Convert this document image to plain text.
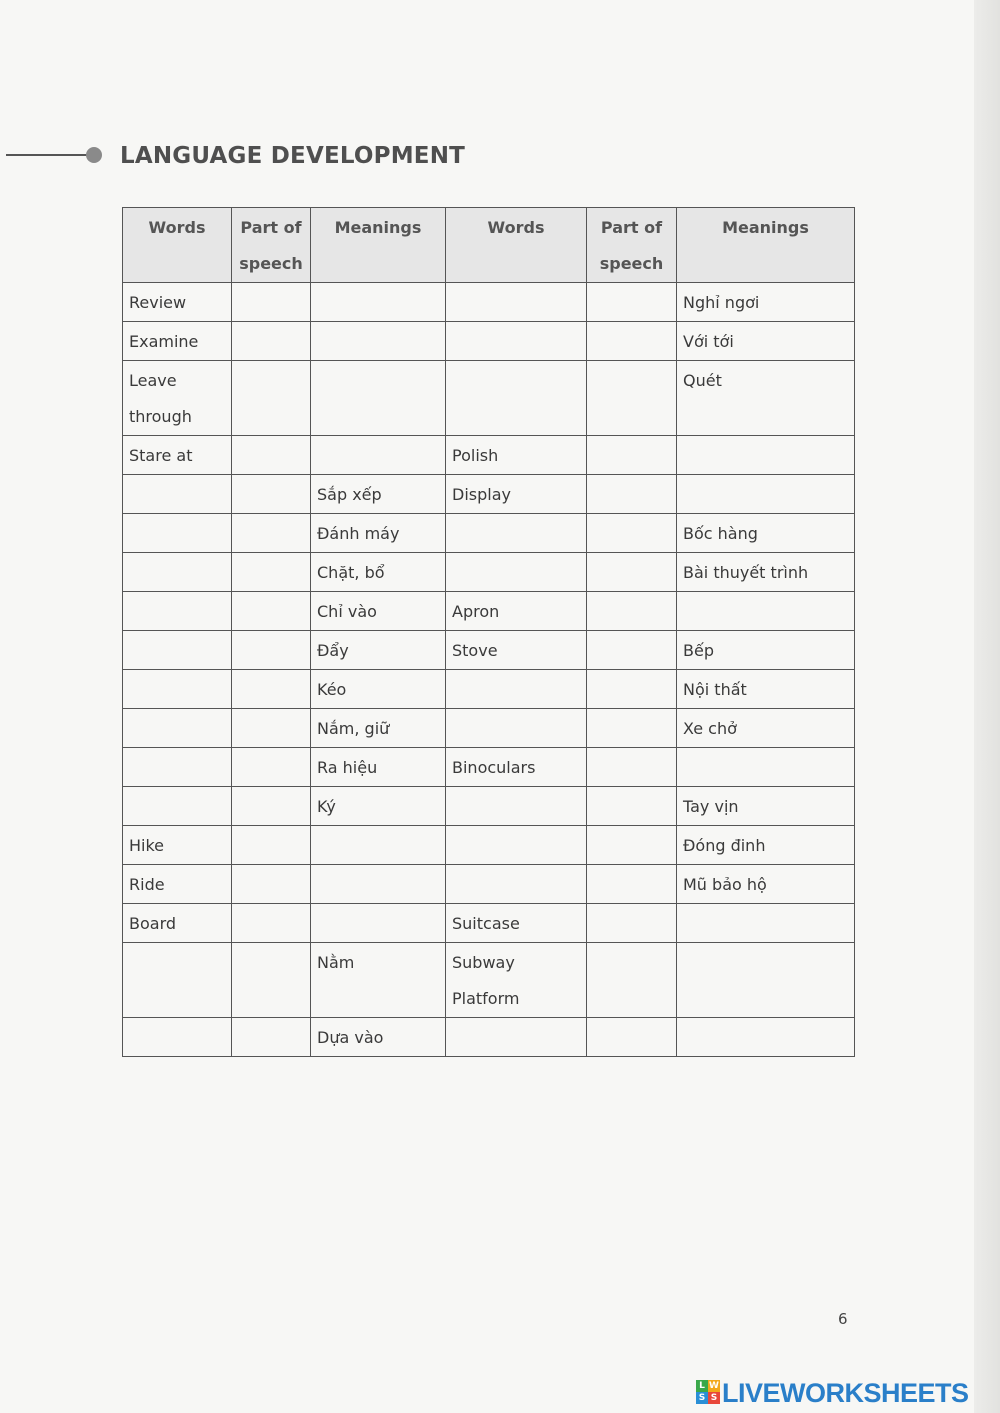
LANGUAGE DEVELOPMENT
Words	Part of speech	Meanings	Words	Part of speech	Meanings
Review					Nghỉ ngơi
Examine					Với tới
Leave through					Quét
Stare at			Polish		
		Sắp xếp	Display		
		Đánh máy			Bốc hàng
		Chặt, bổ			Bài thuyết trình
		Chỉ vào	Apron		
		Đẩy	Stove		Bếp
		Kéo			Nội thất
		Nắm, giữ			Xe chở
		Ra hiệu	Binoculars		
		Ký			Tay vịn
Hike					Đóng đinh
Ride					Mũ bảo hộ
Board			Suitcase		
		Nằm	Subway Platform		
		Dựa vào			
6
L W
S S LIVEWORKSHEETS
